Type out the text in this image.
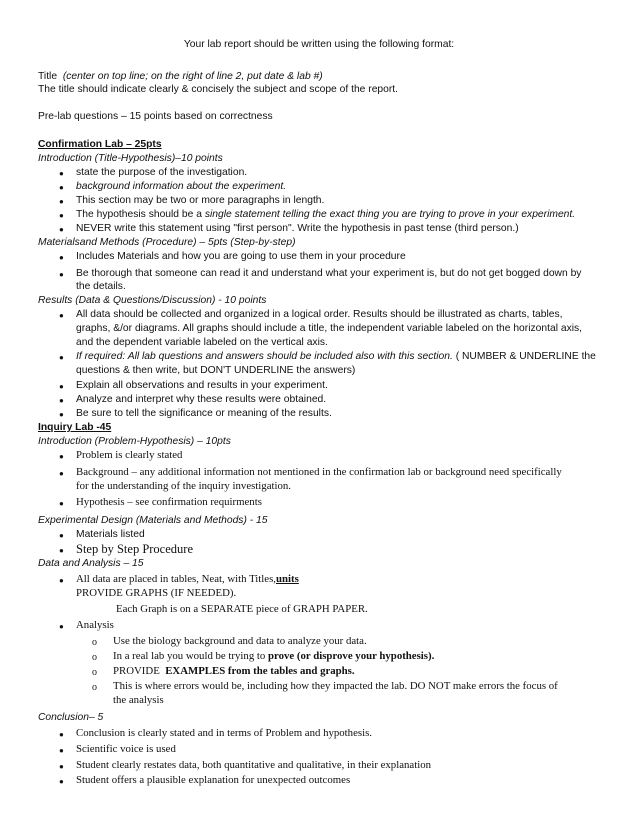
Your lab report should be written using the following format:
Title (center on top line; on the right of line 2, put date & lab #)
The title should indicate clearly & concisely the subject and scope of the report.
Pre-lab questions – 15 points based on correctness
Confirmation Lab – 25pts
Introduction (Title-Hypothesis)–10 points
● state the purpose of the investigation.
● background information about the experiment.
● This section may be two or more paragraphs in length.
● The hypothesis should be a single statement telling the exact thing you are trying to prove in your experiment.
● NEVER write this statement using "first person". Write the hypothesis in past tense (third person.)
Materialsand Methods (Procedure) – 5pts (Step-by-step)
● Includes Materials and how you are going to use them in your procedure
● Be thorough that someone can read it and understand what your experiment is, but do not get bogged down by
the details.
Results (Data & Questions/Discussion) - 10 points
● All data should be collected and organized in a logical order. Results should be illustrated as charts, tables,
graphs, &/or diagrams. All graphs should include a title, the independent variable labeled on the horizontal axis,
and the dependent variable labeled on the vertical axis.
● If required: All lab questions and answers should be included also with this section. ( NUMBER & UNDERLINE the
questions & then write, but DON'T UNDERLINE the answers)
● Explain all observations and results in your experiment.
● Analyze and interpret why these results were obtained.
● Be sure to tell the significance or meaning of the results.
Inquiry Lab -45
Introduction (Problem-Hypothesis) – 10pts
● Problem is clearly stated
● Background – any additional information not mentioned in the confirmation lab or background need specifically
for the understanding of the inquiry investigation.
● Hypothesis – see confirmation requirments
Experimental Design (Materials and Methods) - 15
● Materials listed
● Step by Step Procedure
Data and Analysis – 15
● All data are placed in tables, Neat, with Titles,units
PROVIDE GRAPHS (IF NEEDED).
Each Graph is on a SEPARATE piece of GRAPH PAPER.
● Analysis
o Use the biology background and data to analyze your data.
o In a real lab you would be trying to prove (or disprove your hypothesis).
o PROVIDE EXAMPLES from the tables and graphs.
o This is where errors would be, including how they impacted the lab. DO NOT make errors the focus of
the analysis
Conclusion– 5
● Conclusion is clearly stated and in terms of Problem and hypothesis.
● Scientific voice is used
● Student clearly restates data, both quantitative and qualitative, in their explanation
● Student offers a plausible explanation for unexpected outcomes
